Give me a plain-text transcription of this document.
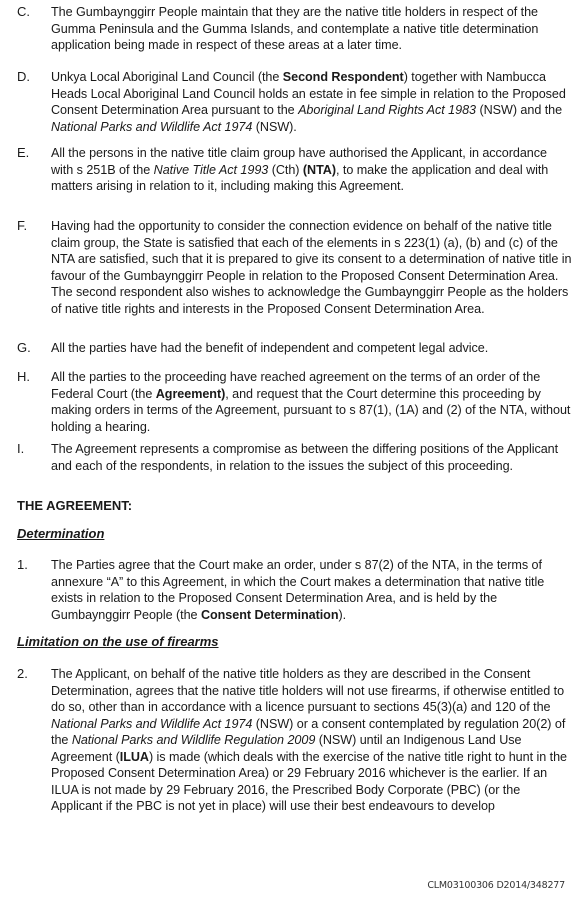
C. The Gumbaynggirr People maintain that they are the native title holders in respect of the Gumma Peninsula and the Gumma Islands, and contemplate a native title determination application being made in respect of these areas at a later time.
D. Unkya Local Aboriginal Land Council (the Second Respondent) together with Nambucca Heads Local Aboriginal Land Council holds an estate in fee simple in relation to the Proposed Consent Determination Area pursuant to the Aboriginal Land Rights Act 1983 (NSW) and the National Parks and Wildlife Act 1974 (NSW).
E. All the persons in the native title claim group have authorised the Applicant, in accordance with s 251B of the Native Title Act 1993 (Cth) (NTA), to make the application and deal with matters arising in relation to it, including making this Agreement.
F. Having had the opportunity to consider the connection evidence on behalf of the native title claim group, the State is satisfied that each of the elements in s 223(1) (a), (b) and (c) of the NTA are satisfied, such that it is prepared to give its consent to a determination of native title in favour of the Gumbaynggirr People in relation to the Proposed Consent Determination Area. The second respondent also wishes to acknowledge the Gumbaynggirr People as the holders of native title rights and interests in the Proposed Consent Determination Area.
G. All the parties have had the benefit of independent and competent legal advice.
H. All the parties to the proceeding have reached agreement on the terms of an order of the Federal Court (the Agreement), and request that the Court determine this proceeding by making orders in terms of the Agreement, pursuant to s 87(1), (1A) and (2) of the NTA, without holding a hearing.
I. The Agreement represents a compromise as between the differing positions of the Applicant and each of the respondents, in relation to the issues the subject of this proceeding.
THE AGREEMENT:
Determination
1. The Parties agree that the Court make an order, under s 87(2) of the NTA, in the terms of annexure “A” to this Agreement, in which the Court makes a determination that native title exists in relation to the Proposed Consent Determination Area, and is held by the Gumbaynggirr People (the Consent Determination).
Limitation on the use of firearms
2. The Applicant, on behalf of the native title holders as they are described in the Consent Determination, agrees that the native title holders will not use firearms, if otherwise entitled to do so, other than in accordance with a licence pursuant to sections 45(3)(a) and 120 of the National Parks and Wildlife Act 1974 (NSW) or a consent contemplated by regulation 20(2) of the National Parks and Wildlife Regulation 2009 (NSW) until an Indigenous Land Use Agreement (ILUA) is made (which deals with the exercise of the native title right to hunt in the Proposed Consent Determination Area) or 29 February 2016 whichever is the earlier. If an ILUA is not made by 29 February 2016, the Prescribed Body Corporate (PBC) (or the Applicant if the PBC is not yet in place) will use their best endeavours to develop
CLM03100306 D2014/348277
